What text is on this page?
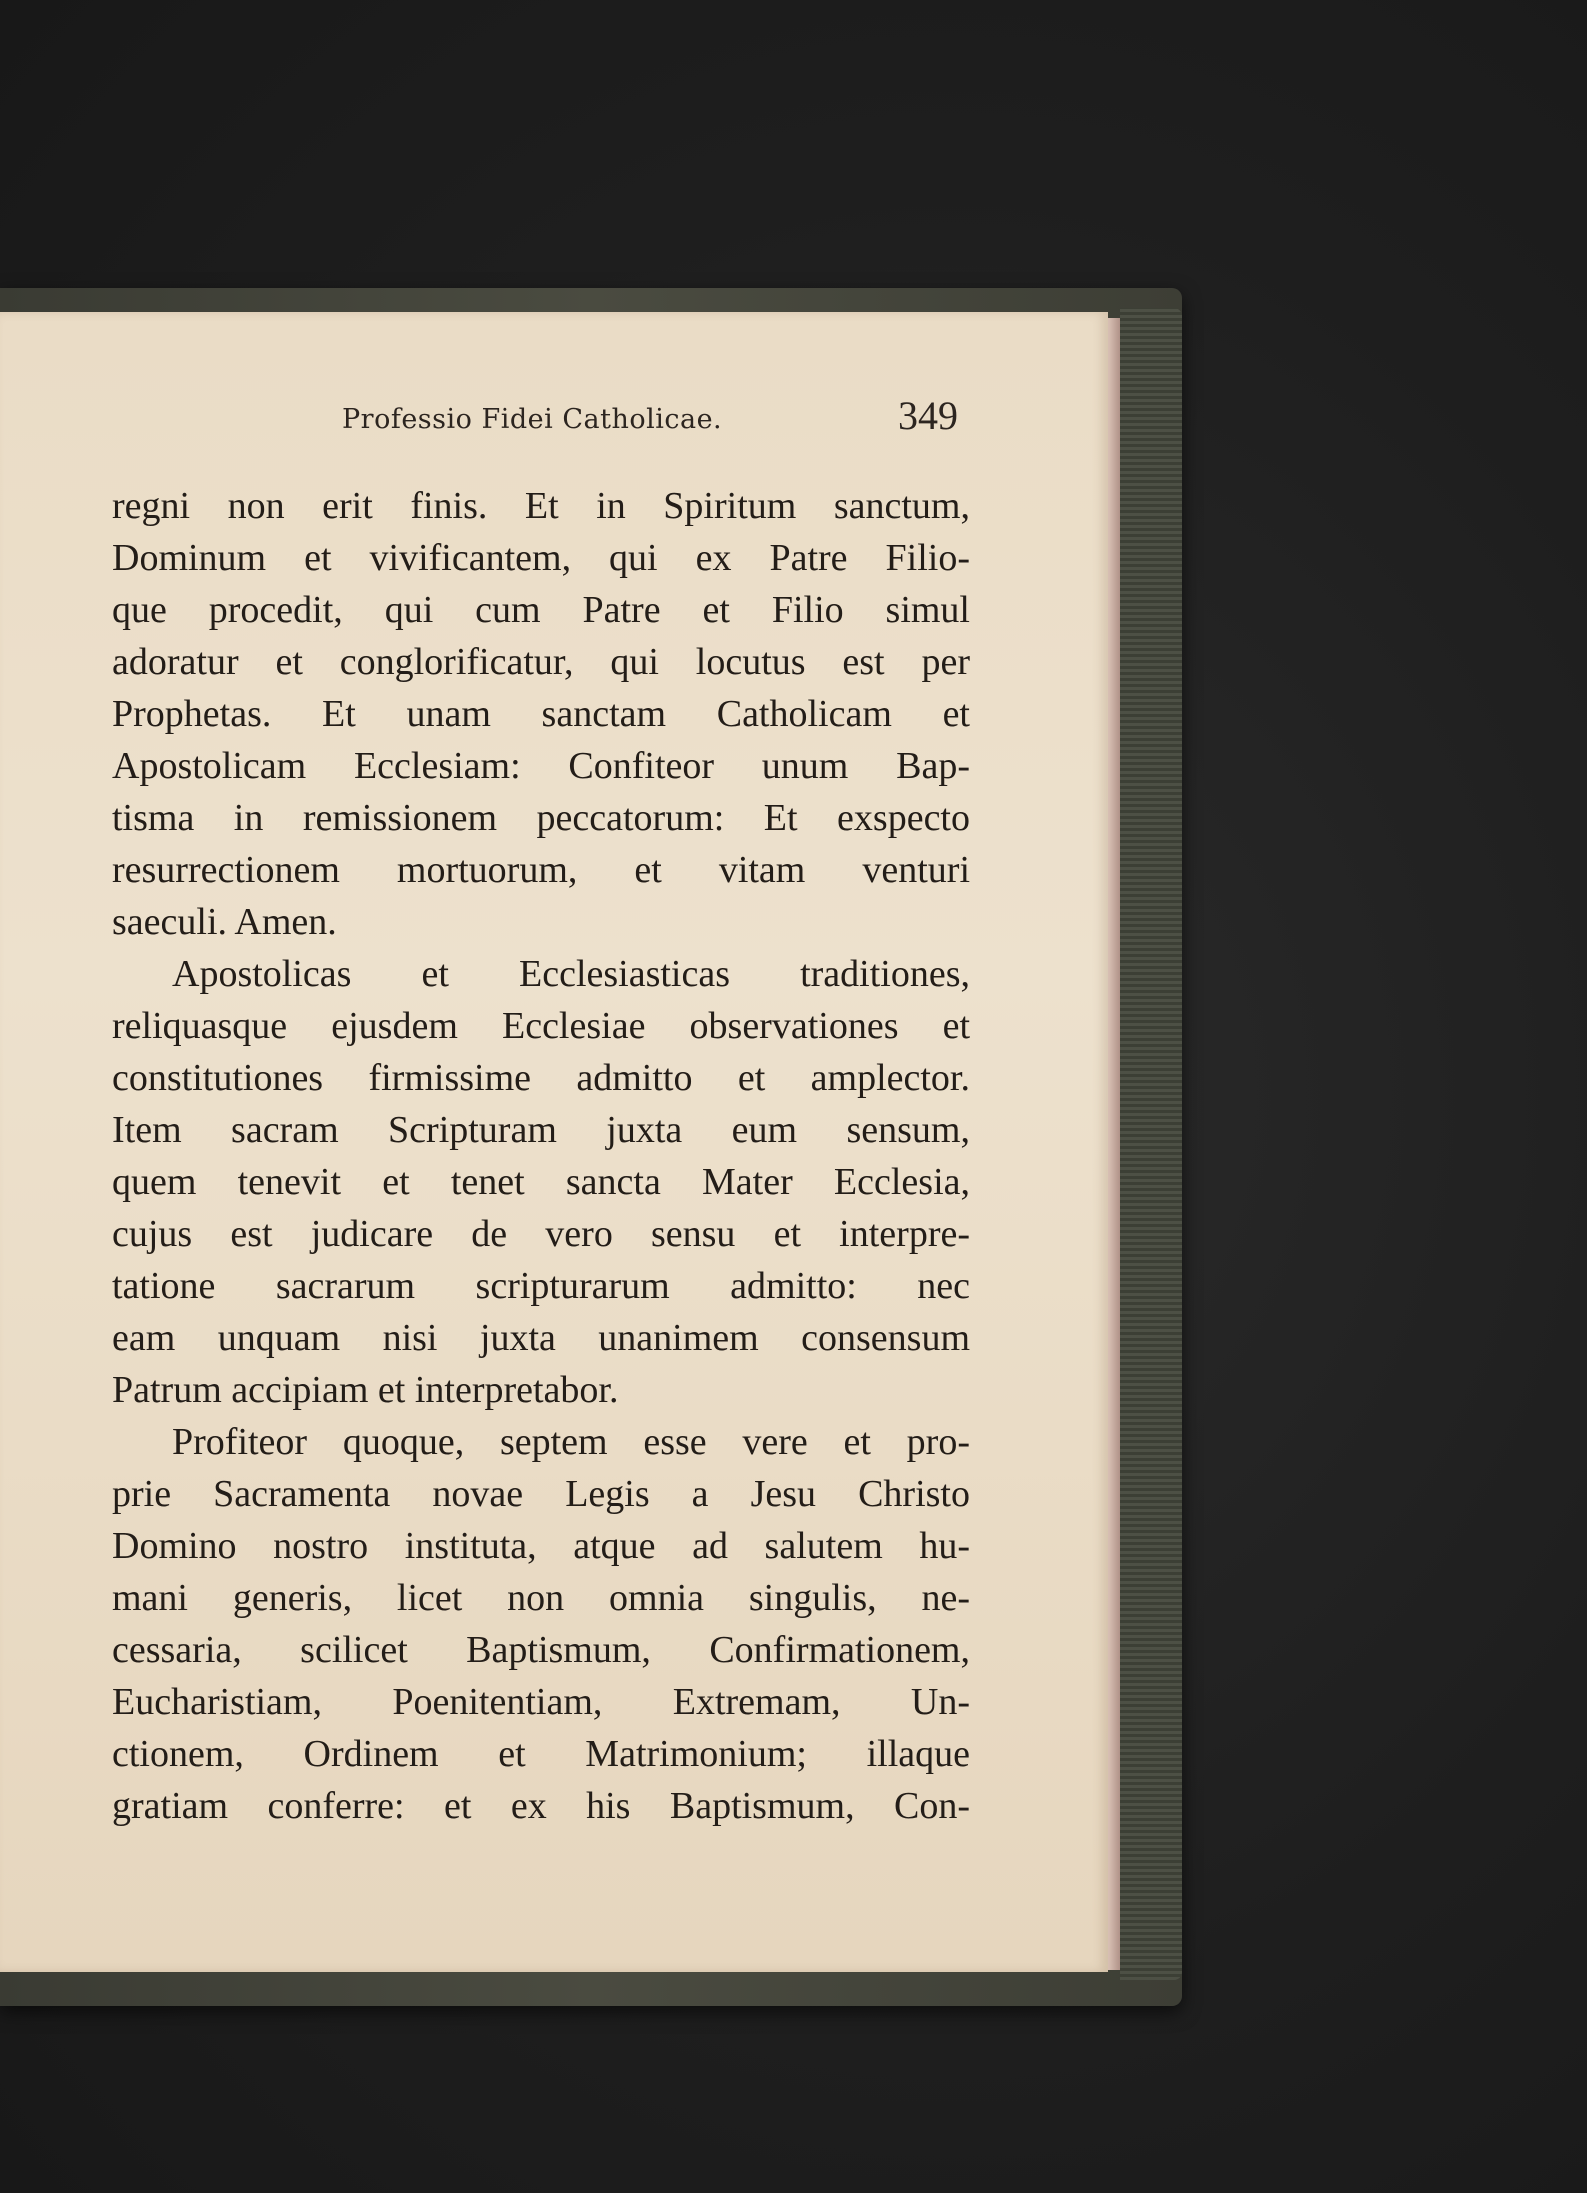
Professio Fidei Catholicae.	349
regni non erit finis. Et in Spiritum sanctum,
Dominum et vivificantem, qui ex Patre Filio-
que procedit, qui cum Patre et Filio simul
adoratur et conglorificatur, qui locutus est per
Prophetas. Et unam sanctam Catholicam et
Apostolicam Ecclesiam: Confiteor unum Bap-
tisma in remissionem peccatorum: Et exspecto
resurrectionem mortuorum, et vitam venturi
saeculi. Amen.
Apostolicas et Ecclesiasticas traditiones,
reliquasque ejusdem Ecclesiae observationes et
constitutiones firmissime admitto et amplector.
Item sacram Scripturam juxta eum sensum,
quem tenevit et tenet sancta Mater Ecclesia,
cujus est judicare de vero sensu et interpre-
tatione sacrarum scripturarum admitto: nec
eam unquam nisi juxta unanimem consensum
Patrum accipiam et interpretabor.
Profiteor quoque, septem esse vere et pro-
prie Sacramenta novae Legis a Jesu Christo
Domino nostro instituta, atque ad salutem hu-
mani generis, licet non omnia singulis, ne-
cessaria, scilicet Baptismum, Confirmationem,
Eucharistiam, Poenitentiam, Extremam, Un-
ctionem, Ordinem et Matrimonium; illaque
gratiam conferre: et ex his Baptismum, Con-
